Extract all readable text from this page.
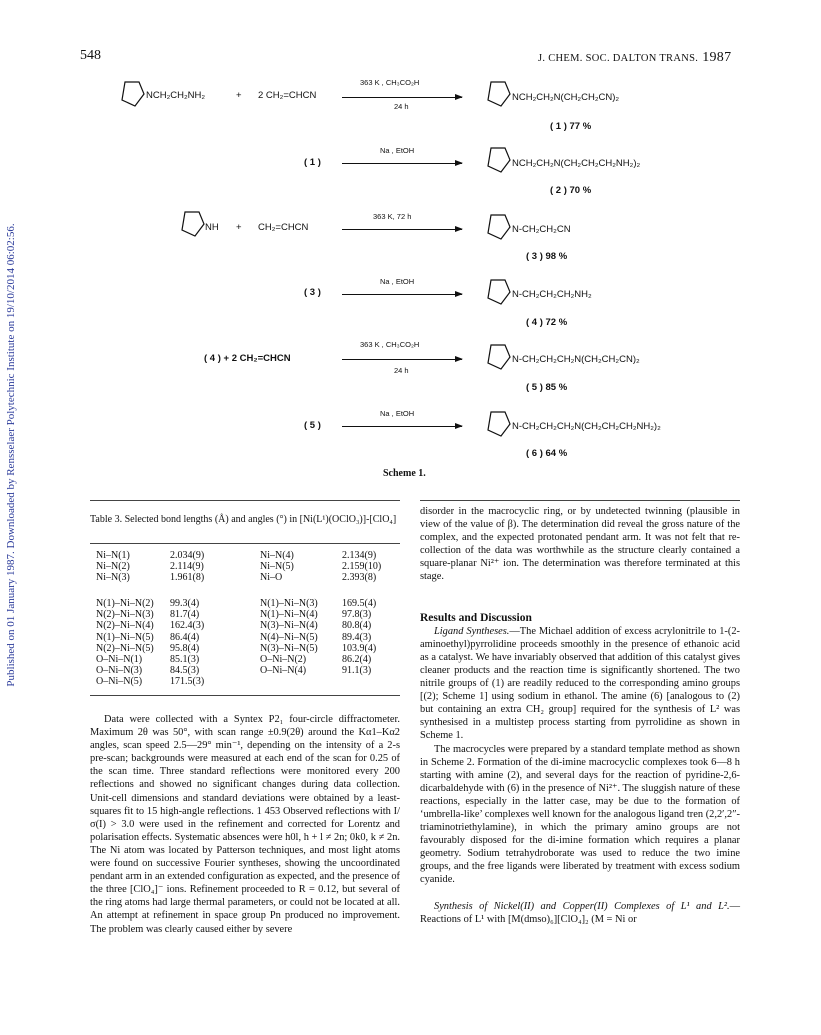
Published on 01 January 1987. Downloaded by Rensselaer Polytechnic Institute on 19/10/2014 06:02:56.
548	J. CHEM. SOC. DALTON TRANS. 1987
NCH₂CH₂NH₂	+ 2 CH₂=CHCN
363 K , CH₃CO₂H
24 h
NCH₂CH₂N(CH₂CH₂CN)₂
( 1 ) 77 %
( 1 )
Na , EtOH
NCH₂CH₂N(CH₂CH₂CH₂NH₂)₂
( 2 ) 70 %
NH + CH₂=CHCN
363 K, 72 h
N-CH₂CH₂CN
( 3 ) 98 %
( 3 )
Na , EtOH
N-CH₂CH₂CH₂NH₂
( 4 ) 72 %
( 4 ) + 2 CH₂=CHCN
363 K , CH₃CO₂H
24 h
N-CH₂CH₂CH₂N(CH₂CH₂CN)₂
( 5 ) 85 %
( 5 )
Na , EtOH
N-CH₂CH₂CH₂N(CH₂CH₂CH₂NH₂)₂
( 6 ) 64 %
Scheme 1.
Table 3. Selected bond lengths (Å) and angles (°) in [Ni(L¹)(OClO₃)]-[ClO₄]
Ni–N(1)	2.034(9)	Ni–N(4)	2.134(9)
Ni–N(2)	2.114(9)	Ni–N(5)	2.159(10)
Ni–N(3)	1.961(8)	Ni–O	2.393(8)
N(1)–Ni–N(2) 99.3(4)	N(1)–Ni–N(3) 169.5(4)
N(2)–Ni–N(3) 81.7(4)	N(1)–Ni–N(4) 97.8(3)
N(2)–Ni–N(4) 162.4(3)	N(3)–Ni–N(4) 80.8(4)
N(1)–Ni–N(5) 86.4(4)	N(4)–Ni–N(5) 89.4(3)
N(2)–Ni–N(5) 95.8(4)	N(3)–Ni–N(5) 103.9(4)
O–Ni–N(1)	85.1(3)	O–Ni–N(2)	86.2(4)
O–Ni–N(3)	84.5(3)	O–Ni–N(4)	91.1(3)
O–Ni–N(5)	171.5(3)

Data were collected with a Syntex P2₁ four-circle diffractometer. Maximum 2θ was 50°, with scan range ±0.9(2θ) around the Kα1–Kα2 angles, scan speed 2.5—29° min⁻¹, depending on the intensity of a 2-s pre-scan; backgrounds were measured at each end of the scan for 0.25 of the scan time. Three standard reflections were monitored every 200 reflections and showed no significant changes during data collection. Unit-cell dimensions and standard deviations were obtained by a least-squares fit to 15 high-angle reflections. 1 453 Observed reflections with I/σ(I) > 3.0 were used in the refinement and corrected for Lorentz and polarisation effects. Systematic absences were h0l, h + l ≠ 2n; 0k0, k ≠ 2n. The Ni atom was located by Patterson techniques, and most light atoms were found on successive Fourier syntheses, showing the uncoordinated pendant arm in an extended configuration as expected, and the presence of the three [ClO₄]⁻ ions. Refinement proceeded to R = 0.12, but several of the ring atoms had large thermal parameters, or could not be located at all. An attempt at refinement in space group Pn produced no improvement. The problem was clearly caused either by severe

disorder in the macrocyclic ring, or by undetected twinning (plausible in view of the value of β). The determination did reveal the gross nature of the complex, and the expected protonated pendant arm. It was not felt that re-collection of the data was worthwhile as the structure clearly contained a square-planar Ni²⁺ ion. The determination was therefore terminated at this stage.

Results and Discussion

Ligand Syntheses.—The Michael addition of excess acrylonitrile to 1-(2-aminoethyl)pyrrolidine proceeds smoothly in the presence of ethanoic acid as a catalyst. We have invariably observed that addition of this catalyst gives cleaner products and the reaction time is significantly shortened. The two nitrile groups of (1) are readily reduced to the corresponding amino groups [(2); Scheme 1] using sodium in ethanol. The amine (6) [analogous to (2) but containing an extra CH₂ group] required for the synthesis of L² was synthesised in a multistep process starting from pyrrolidine as shown in Scheme 1.

The macrocycles were prepared by a standard template method as shown in Scheme 2. Formation of the di-imine macrocyclic complexes took 6—8 h starting with amine (2), and several days for the reaction of pyridine-2,6-dicarbaldehyde with (6) in the presence of Ni²⁺. The sluggish nature of these reactions, especially in the latter case, may be due to the formation of ‘umbrella-like’ complexes well known for the analogous ligand tren (2,2′,2″-triaminotriethylamine), in which the primary amino groups are not favourably disposed for the di-imine formation which requires a planar geometry. Sodium tetrahydroborate was used to reduce the two imine groups, and the free ligands were liberated by treatment with excess sodium cyanide.

Synthesis of Nickel(II) and Copper(II) Complexes of L¹ and L².—Reactions of L¹ with [M(dmso)₆][ClO₄]₂ (M = Ni or
